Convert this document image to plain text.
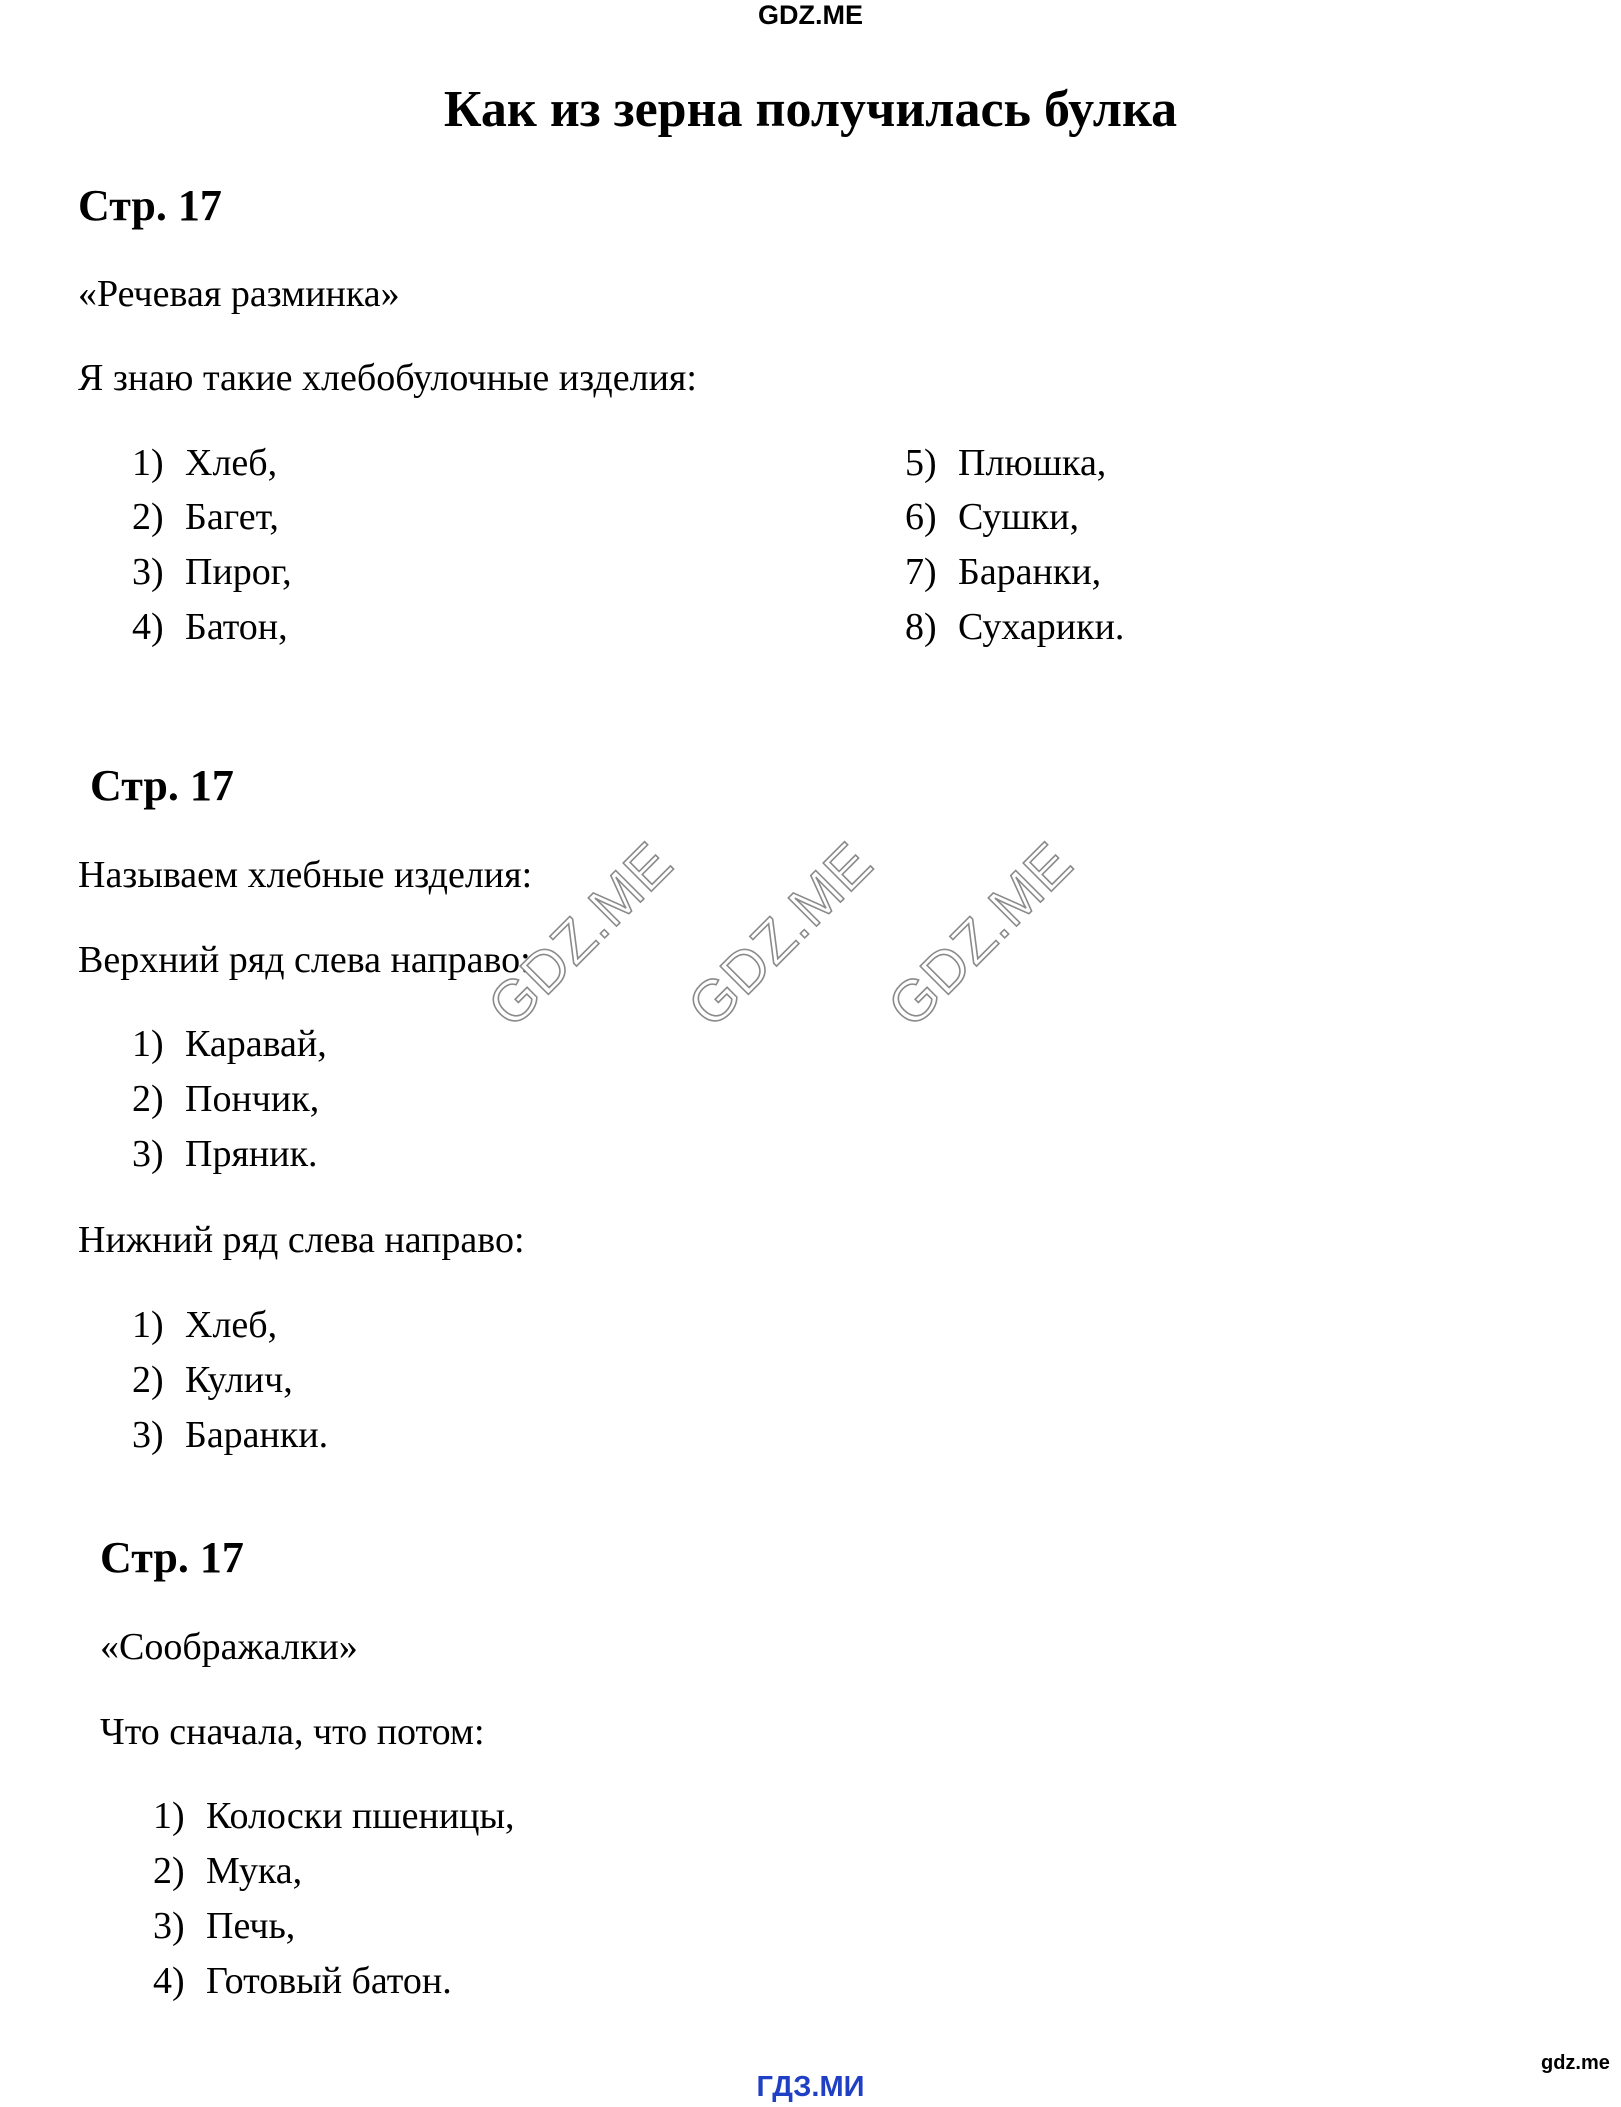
GDZ.ME
Как из зерна получилась булка
Стр. 17
«Речевая разминка»
Я знаю такие хлебобулочные изделия:
1) Хлеб,
2) Багет,
3) Пирог,
4) Батон,
5) Плюшка,
6) Сушки,
7) Баранки,
8) Сухарики.
Стр. 17
Называем хлебные изделия:
Верхний ряд слева направо:
1) Каравай,
2) Пончик,
3) Пряник.
Нижний ряд слева направо:
1) Хлеб,
2) Кулич,
3) Баранки.
Стр. 17
«Соображалки»
Что сначала, что потом:
1) Колоски пшеницы,
2) Мука,
3) Печь,
4) Готовый батон.
GDZ.ME
GDZ.ME
GDZ.ME
gdz.me
ГДЗ.МИ
